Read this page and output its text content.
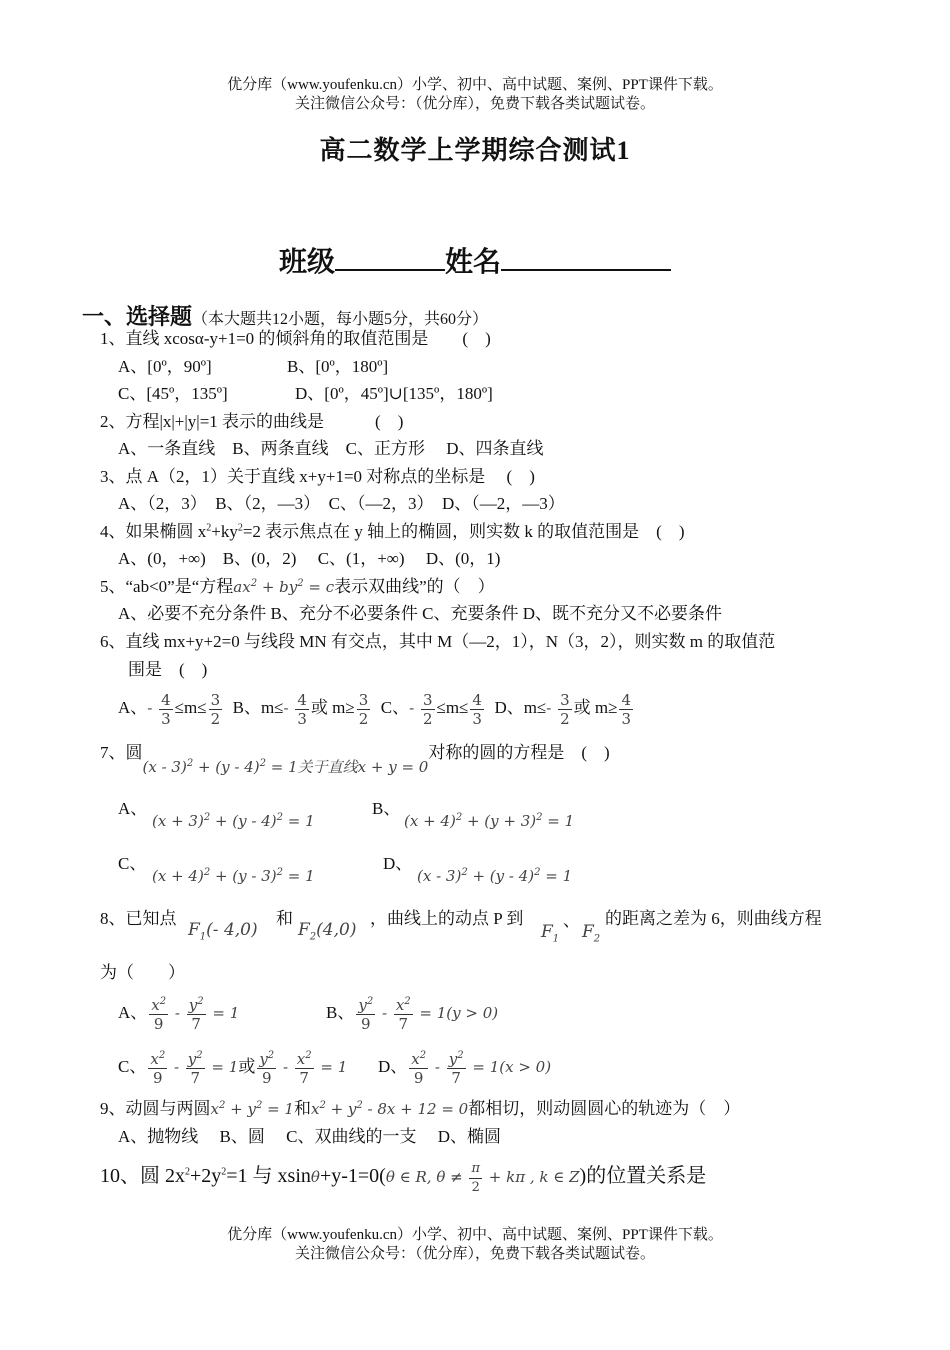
优分库（www.youfenku.cn）小学、初中、高中试题、案例、PPT课件下载。
关注微信公众号：（优分库），免费下载各类试题试卷。
高二数学上学期综合测试1
班级	姓名
一、选择题（本大题共12小题，每小题5分，共60分）
1、直线 xcosα-y+1=0 的倾斜角的取值范围是　　(　)
A、[0º，90º]	B、[0º，180º]
C、[45º，135º]	D、[0º，45º]∪[135º，180º]
2、方程|x|+|y|=1 表示的曲线是　　　(　)
A、一条直线　B、两条直线　C、正方形　 D、四条直线
3、点 A（2，1）关于直线 x+y+1=0 对称点的坐标是　 (　)
A、（2，3）　B、（2，—3）　C、（—2，3）　D、（—2，—3）
4、如果椭圆 $x^2+ky^2=2$ 表示焦点在 y 轴上的椭圆，则实数 k 的取值范围是　(　)
A、(0，+∞)　B、(0，2)　 C、(1，+∞)　 D、(0，1)
5、“ab<0”是“方程$ax^2 + by^2 = c$表示双曲线”的（　）
A、必要不充分条件 B、充分不必要条件 C、充要条件 D、既不充分又不必要条件
6、直线 mx+y+2=0 与线段 MN 有交点，其中 M（—2，1），N（3，2），则实数 m 的取值范
围是　(　)
A、- $\frac{4}{3} \le m\le \frac{3}{2}$ B、$m\le- \frac{4}{3}$ 或 $m\ge \frac{3}{2}$ C、- $\frac{3}{2} \le m\le \frac{4}{3}$ D、$m\le- \frac{3}{2}$ 或 $m\ge \frac{4}{3}$
7、圆(x - 3)$^2$ + (y - 4)$^2$ = 1关于直线x + y = 0对称的圆的方程是　(　)
A、
$(x + 3)^2 + (y - 4)^2 = 1$
B、
$(x + 4)^2 + (y + 3)^2 = 1$
C、
$(x + 4)^2 + (y - 3)^2 = 1$
D、
(x - 3)$^2$ + (y - 4)$^2$ = 1
8、已知点
$F_1(-$ 4,0)
和
$F_2(4,0)$
，曲线上的动点 P 到
$F_1$
、
$F_2$
的距离之差为 6，则曲线方程
为（　　）
A、 $\frac{x^2}{9} - \frac{y^2}{7} = 1$	B、 $\frac{y^2}{9} - \frac{x^2}{7} = 1(y > 0)$
C、 $\frac{x^2}{9} - \frac{y^2}{7} = 1$或 $\frac{y^2}{9} - \frac{x^2}{7} = 1$ D、 $\frac{x^2}{9} - \frac{y^2}{7} = 1(x > 0)$
9、动圆与两圆$x^2 + y^2 = 1$和$x^2 + y^2 - 8x + 12 = 0$都相切，则动圆圆心的轨迹为（　）
A、抛物线　 B、圆　 C、双曲线的一支　 D、椭圆
10、圆 $2x^2+2y^2=1$ 与 xsinθ+y-1=0(θ ∈ R, $\theta \ne \frac{\pi}{2} + k\pi$ , k ∈ Z)的位置关系是
优分库（www.youfenku.cn）小学、初中、高中试题、案例、PPT课件下载。
关注微信公众号：（优分库），免费下载各类试题试卷。
